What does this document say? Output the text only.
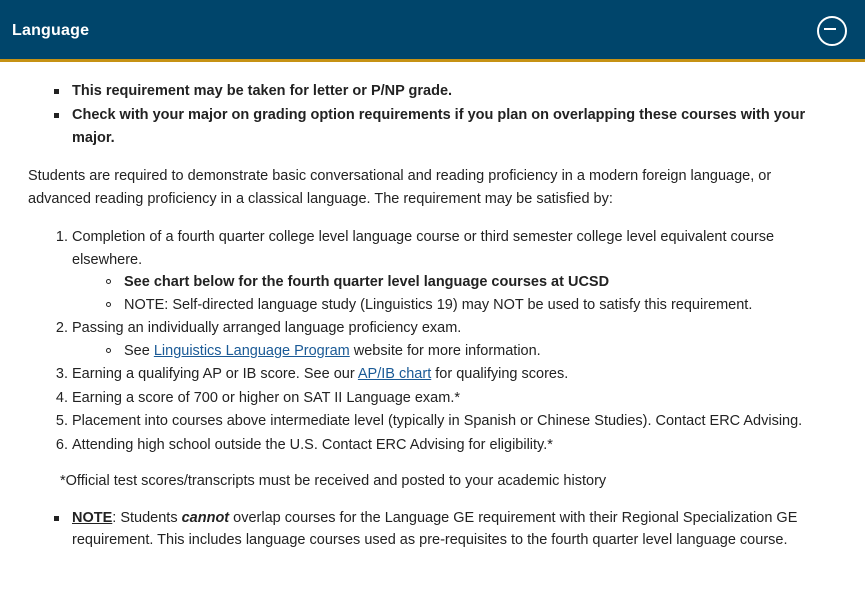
Language
This requirement may be taken for letter or P/NP grade.
Check with your major on grading option requirements if you plan on overlapping these courses with your major.

Students are required to demonstrate basic conversational and reading proficiency in a modern foreign language, or advanced reading proficiency in a classical language. The requirement may be satisfied by:

1. Completion of a fourth quarter college level language course or third semester college level equivalent course elsewhere.
See chart below for the fourth quarter level language courses at UCSD
NOTE: Self-directed language study (Linguistics 19) may NOT be used to satisfy this requirement.
2. Passing an individually arranged language proficiency exam.
See Linguistics Language Program website for more information.
3. Earning a qualifying AP or IB score. See our AP/IB chart for qualifying scores.
4. Earning a score of 700 or higher on SAT II Language exam.*
5. Placement into courses above intermediate level (typically in Spanish or Chinese Studies). Contact ERC Advising.
6. Attending high school outside the U.S. Contact ERC Advising for eligibility.*

*Official test scores/transcripts must be received and posted to your academic history

NOTE: Students cannot overlap courses for the Language GE requirement with their Regional Specialization GE requirement. This includes language courses used as pre-requisites to the fourth quarter level language course.
